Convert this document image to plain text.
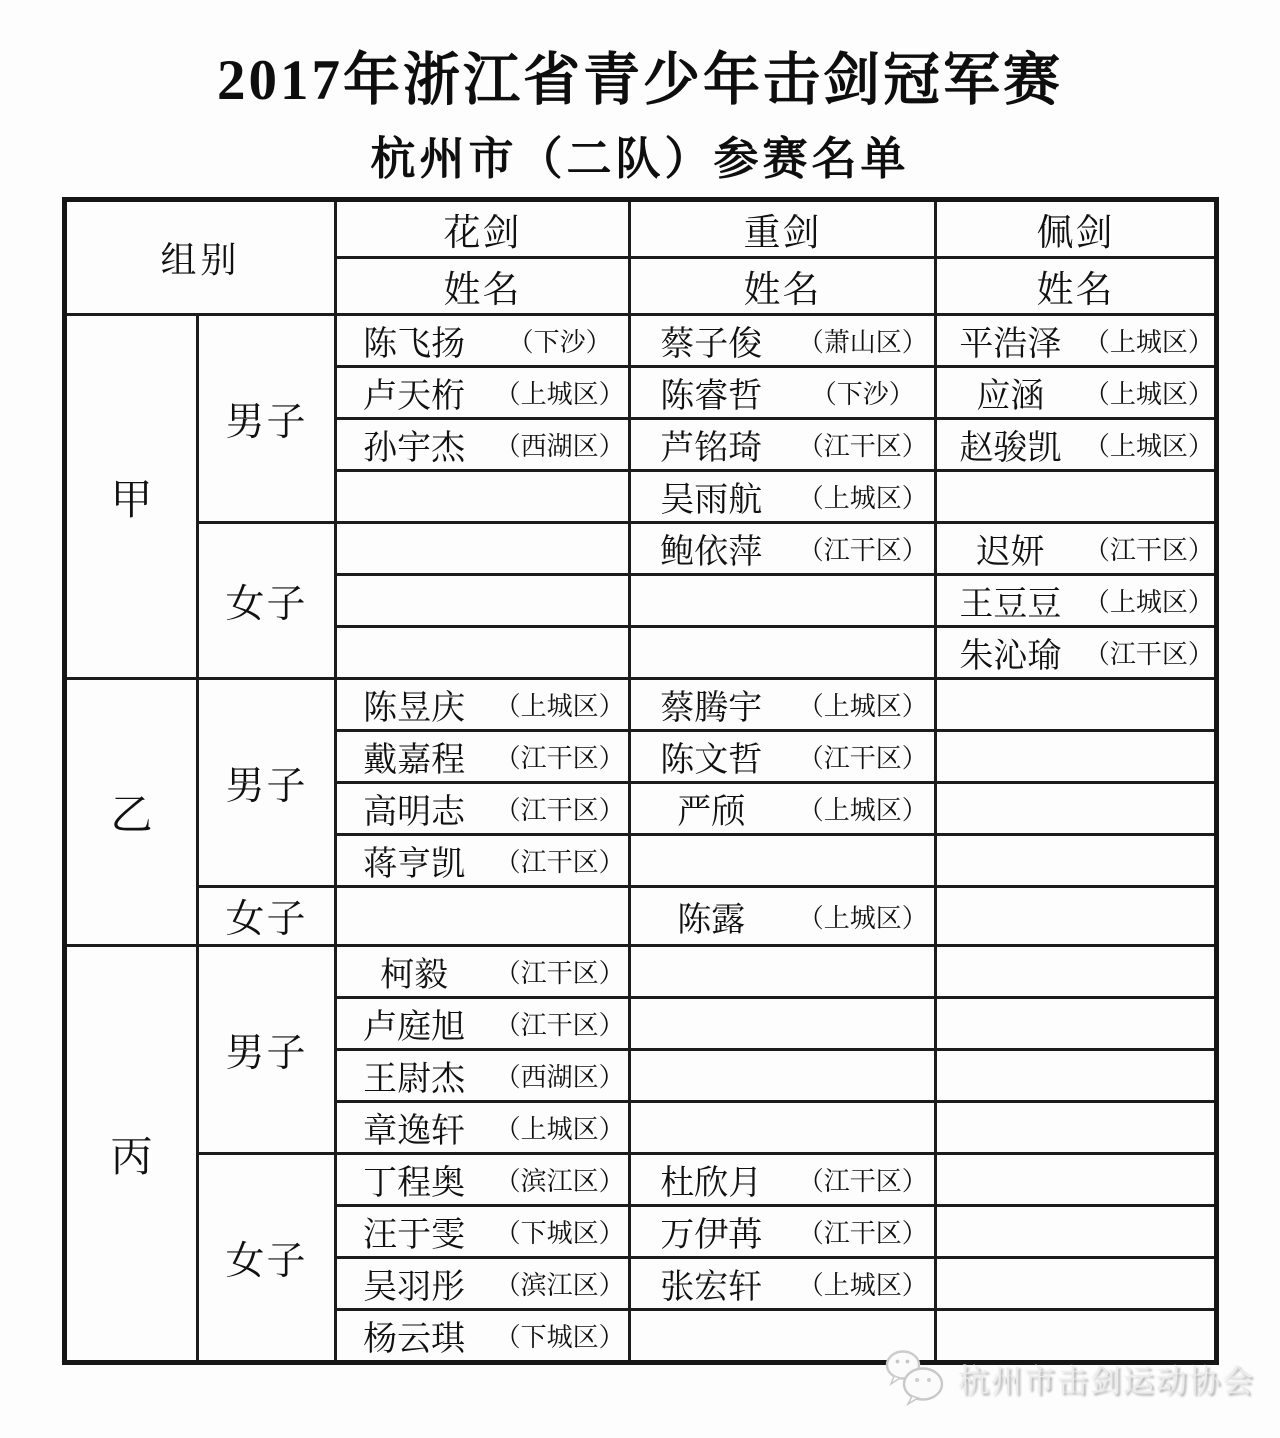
2017年浙江省青少年击剑冠军赛
杭州市（二队）参赛名单
组别		花剑	重剑	佩剑
		姓名	姓名	姓名
甲	男子	陈飞扬 （下沙）	蔡子俊 （萧山区）	平浩泽 （上城区）

		卢天桁 （上城区）	陈睿哲 （下沙）	应涵 （上城区）

		孙宇杰 （西湖区）	芦铭琦 （江干区）	赵骏凯 （上城区）

			吴雨航 （上城区）	

	女子		鲍依萍 （江干区）	迟妍 （江干区）

				王豆豆 （上城区）

				朱沁瑜 （江干区）

乙	男子	陈昱庆 （上城区）	蔡腾宇 （上城区）	

		戴嘉程 （江干区）	陈文哲 （江干区）	

		高明志 （江干区）	严颀 （上城区）	

		蒋亨凯 （江干区）		

	女子		陈露 （上城区）	

丙	男子	柯毅 （江干区）		

		卢庭旭 （江干区）		

		王尉杰 （西湖区）		

		章逸轩 （上城区）		

	女子	丁程奥 （滨江区）	杜欣月 （江干区）	

		汪于雯 （下城区）	万伊苒 （江干区）	

		吴羽彤 （滨江区）	张宏轩 （上城区）	

		杨云琪 （下城区）		

杭州市击剑运动协会
